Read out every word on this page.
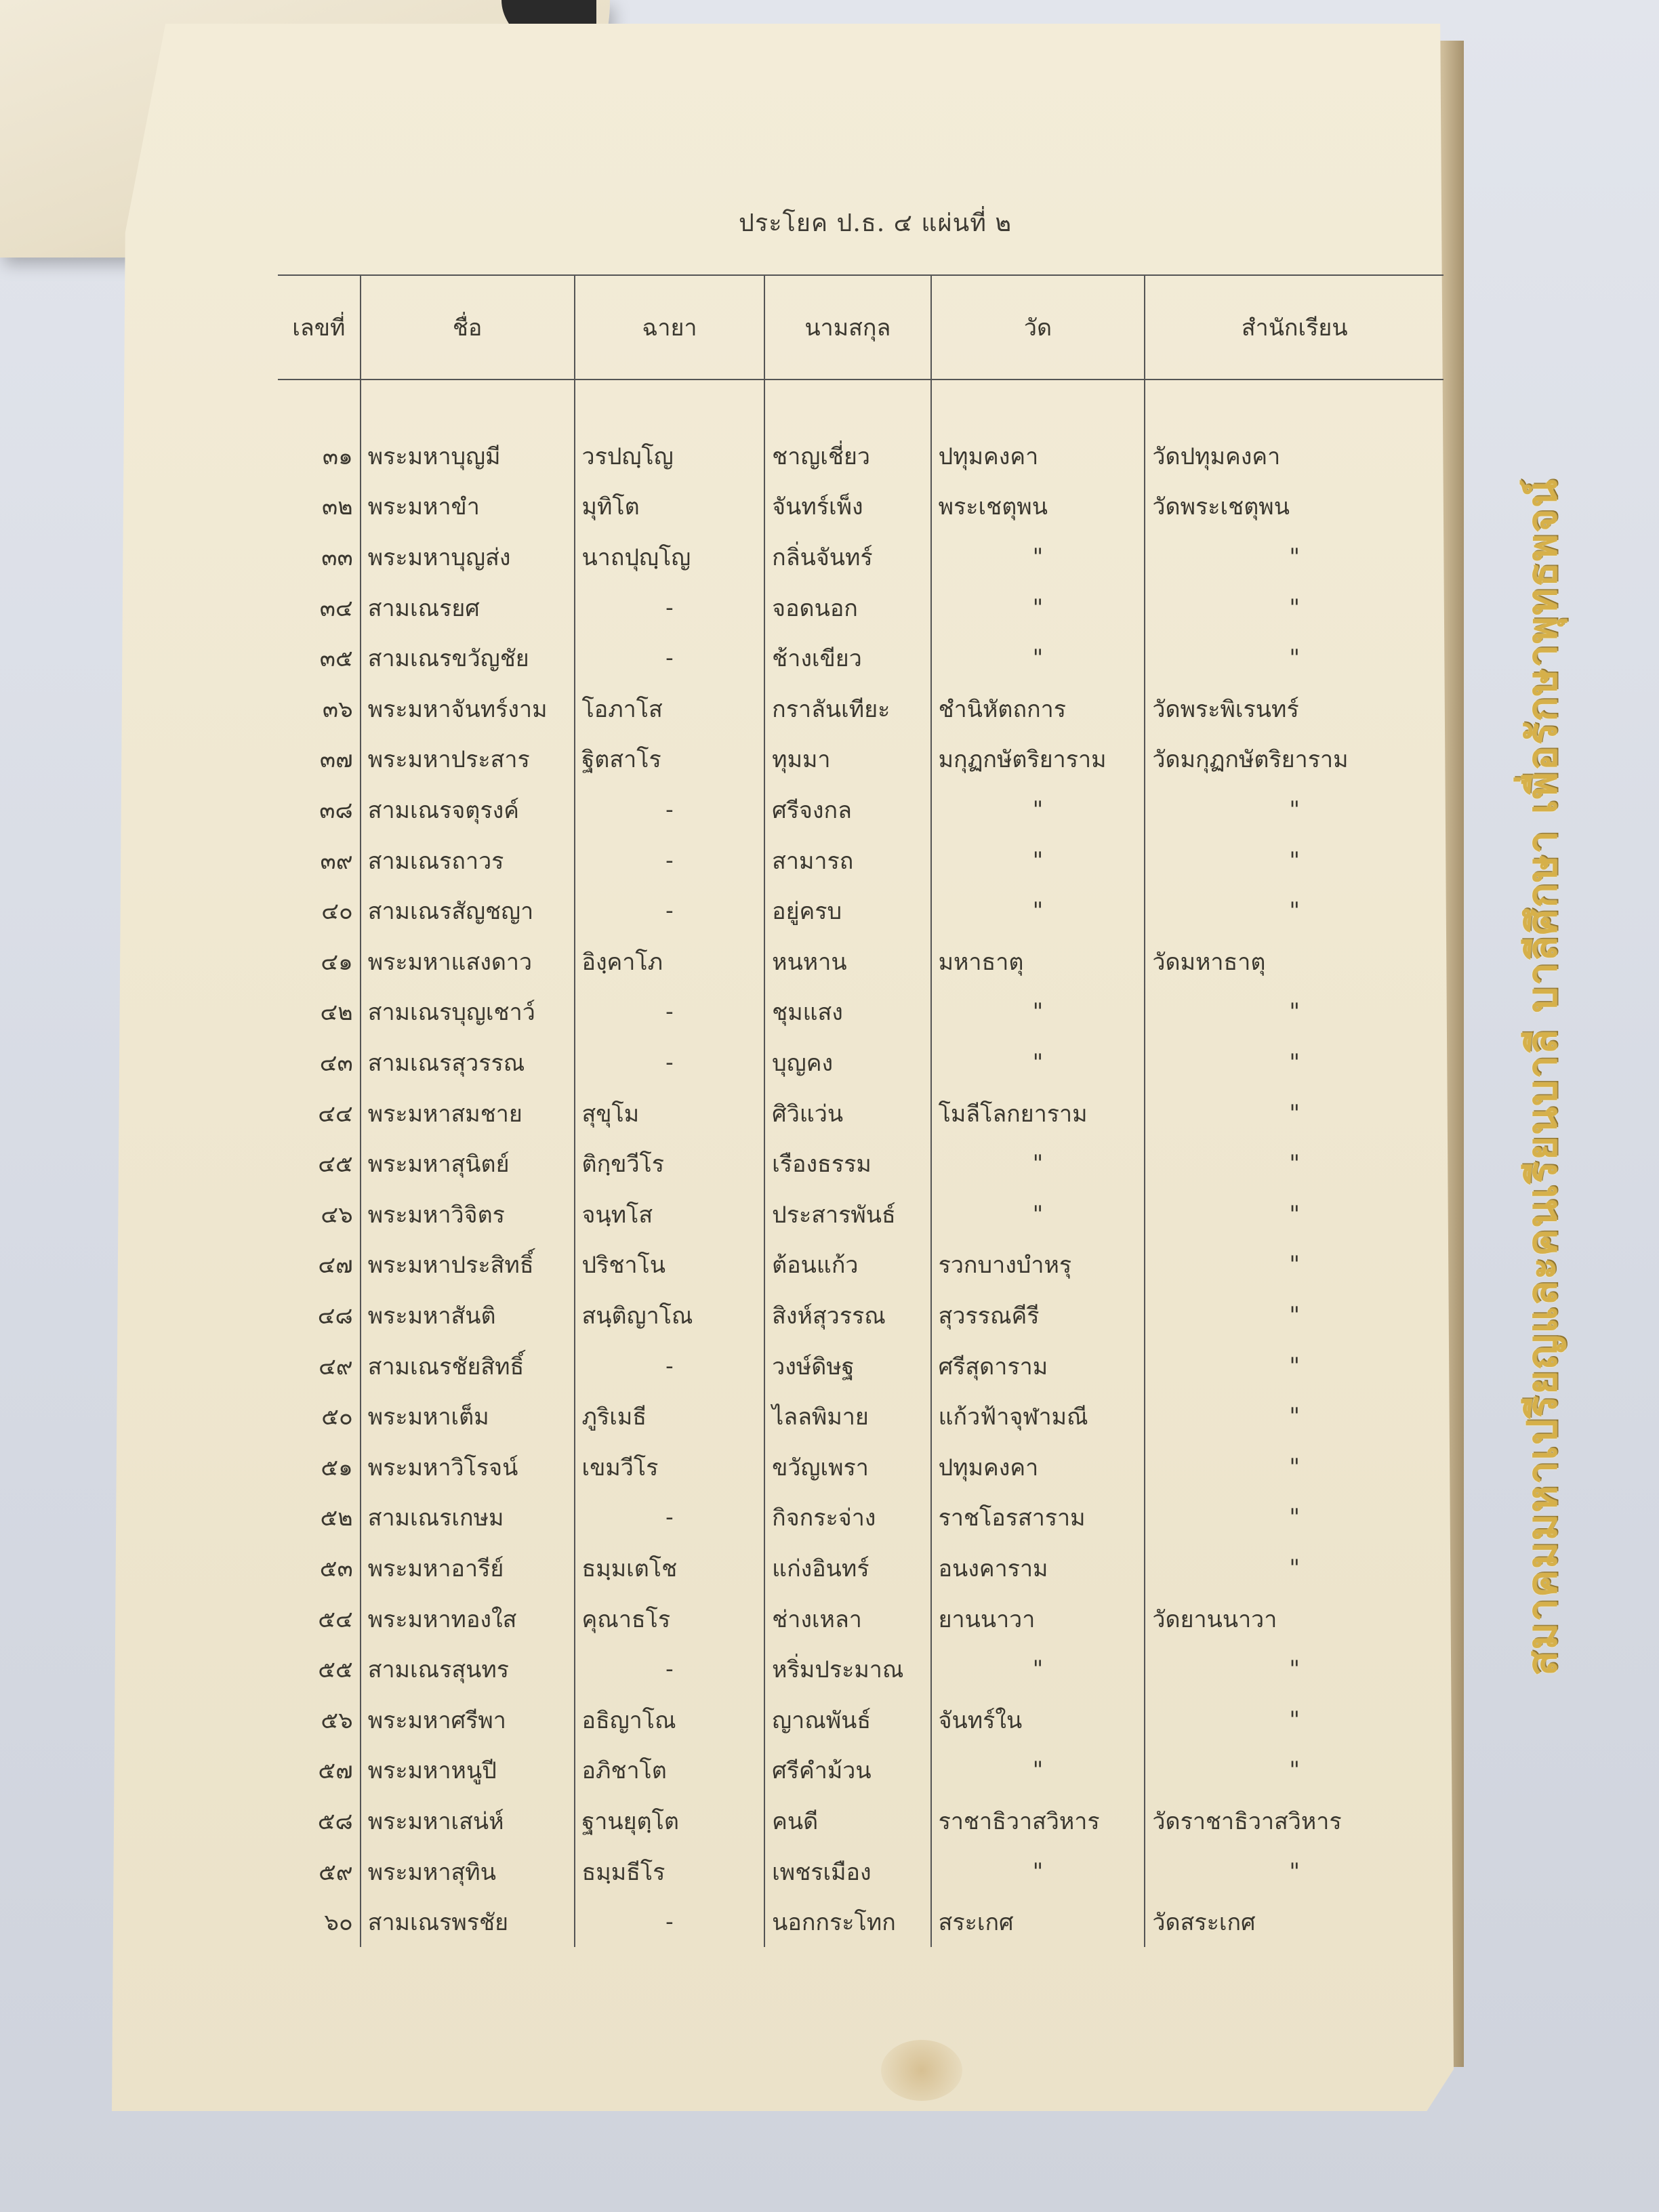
ประโยค ป.ธ. ๔ แผ่นที่ ๒
เลขที่	ชื่อ	ฉายา	นามสกุล	วัด	สำนักเรียน

๓๑	พระมหาบุญมี	วรปญฺโญ	ชาญเชี่ยว	ปทุมคงคา	วัดปทุมคงคา
๓๒	พระมหาขำ	มุทิโต	จันทร์เพ็ง	พระเชตุพน	วัดพระเชตุพน
๓๓	พระมหาบุญส่ง	นาถปุญฺโญ	กลิ่นจันทร์	"	"
๓๔	สามเณรยศ	-	จอดนอก	"	"
๓๕	สามเณรขวัญชัย	-	ช้างเขียว	"	"
๓๖	พระมหาจันทร์งาม	โอภาโส	กราลันเทียะ	ชำนิหัตถการ	วัดพระพิเรนทร์
๓๗	พระมหาประสาร	ฐิตสาโร	ทุมมา	มกุฏกษัตริยาราม	วัดมกุฏกษัตริยาราม
๓๘	สามเณรจตุรงค์	-	ศรีจงกล	"	"
๓๙	สามเณรถาวร	-	สามารถ	"	"
๔๐	สามเณรสัญชญา	-	อยู่ครบ	"	"
๔๑	พระมหาแสงดาว	อิงฺคาโภ	หนหาน	มหาธาตุ	วัดมหาธาตุ
๔๒	สามเณรบุญเชาว์	-	ชุมแสง	"	"
๔๓	สามเณรสุวรรณ	-	บุญคง	"	"
๔๔	พระมหาสมชาย	สุขุโม	ศิวิแว่น	โมลีโลกยาราม	"
๔๕	พระมหาสุนิตย์	ติกฺขวีโร	เรืองธรรม	"	"
๔๖	พระมหาวิจิตร	จนฺทโส	ประสารพันธ์	"	"
๔๗	พระมหาประสิทธิ์	ปริชาโน	ต้อนแก้ว	รวกบางบำหรุ	"
๔๘	พระมหาสันติ	สนฺติญาโณ	สิงห์สุวรรณ	สุวรรณคีรี	"
๔๙	สามเณรชัยสิทธิ์	-	วงษ์ดิษฐ	ศรีสุดาราม	"
๕๐	พระมหาเต็ม	ภูริเมธี	ไลลพิมาย	แก้วฟ้าจุฬามณี	"
๕๑	พระมหาวิโรจน์	เขมวีโร	ขวัญเพรา	ปทุมคงคา	"
๕๒	สามเณรเกษม	-	กิจกระจ่าง	ราชโอรสาราม	"
๕๓	พระมหาอารีย์	ธมฺมเตโช	แก่งอินทร์	อนงคาราม	"
๕๔	พระมหาทองใส	คุณาธโร	ช่างเหลา	ยานนาวา	วัดยานนาวา
๕๕	สามเณรสุนทร	-	หริ่มประมาณ	"	"
๕๖	พระมหาศรีพา	อธิญาโณ	ญาณพันธ์	จันทร์ใน	"
๕๗	พระมหาหนูปี	อภิชาโต	ศรีคำม้วน	"	"
๕๘	พระมหาเสน่ห์	ฐานยุตฺโต	คนดี	ราชาธิวาสวิหาร	วัดราชาธิวาสวิหาร
๕๙	พระมหาสุทิน	ธมฺมธีโร	เพชรเมือง	"	"
๖๐	สามเณรพรชัย	-	นอกกระโทก	สระเกศ	วัดสระเกศ
สมาคมมหาเปรียญและคนเรียนบาลี บาลีศึกษา เพื่อรักษาพุทธพจน์
